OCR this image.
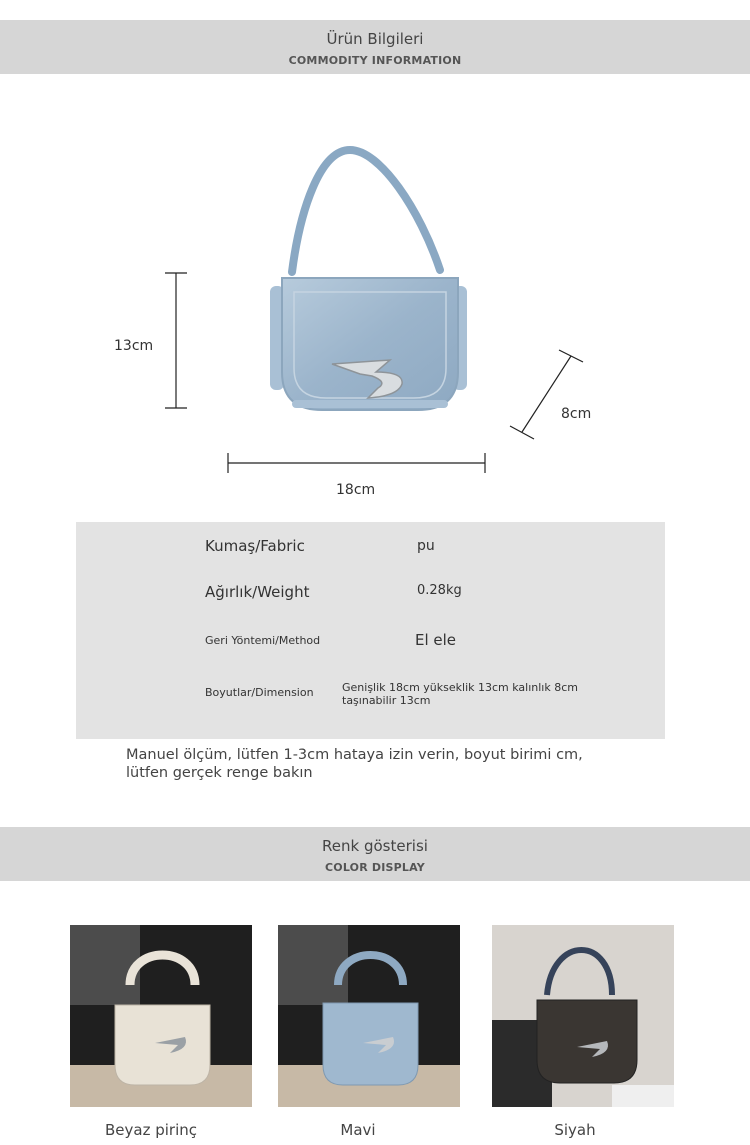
Ürün Bilgileri
COMMODITY INFORMATION
13cm
18cm
8cm
Kumaş/Fabric	pu
Ağırlık/Weight	0.28kg
Geri Yöntemi/Method	El ele
Boyutlar/Dimension	Genişlik 18cm yükseklik 13cm kalınlık 8cm
taşınabilir 13cm
Manuel ölçüm, lütfen 1-3cm hataya izin verin, boyut birimi cm,
lütfen gerçek renge bakın
Renk gösterisi
COLOR DISPLAY
Beyaz pirinç	Mavi	Siyah
